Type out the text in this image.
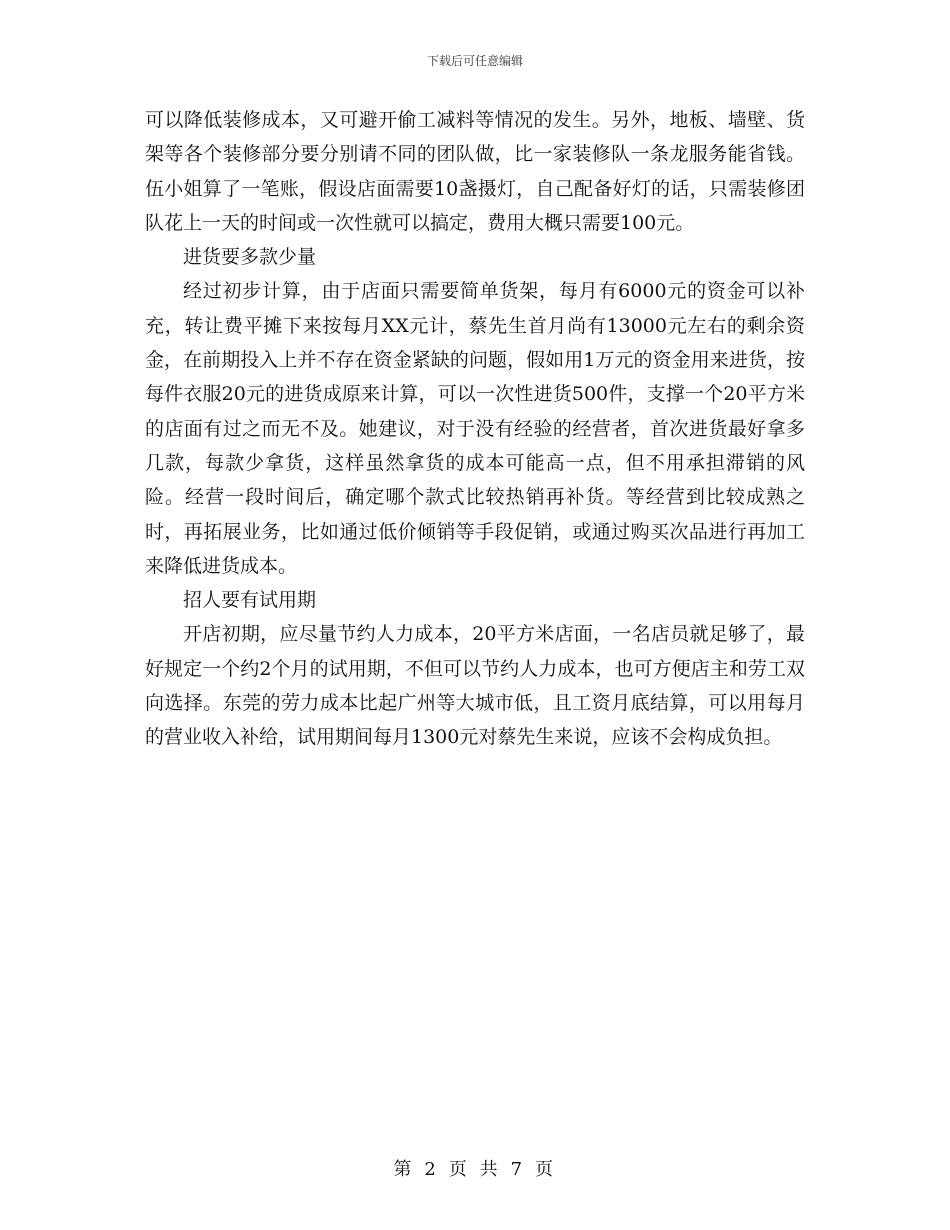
下载后可任意编辑

可以降低装修成本，又可避开偷工减料等情况的发生。另外，地板、墙壁、货架等各个装修部分要分别请不同的团队做，比一家装修队一条龙服务能省钱。伍小姐算了一笔账，假设店面需要10盏摄灯，自己配备好灯的话，只需装修团队花上一天的时间或一次性就可以搞定，费用大概只需要100元。

进货要多款少量

经过初步计算，由于店面只需要简单货架，每月有6000元的资金可以补充，转让费平摊下来按每月XX元计，蔡先生首月尚有13000元左右的剩余资金，在前期投入上并不存在资金紧缺的问题，假如用1万元的资金用来进货，按每件衣服20元的进货成原来计算，可以一次性进货500件，支撑一个20平方米的店面有过之而无不及。她建议，对于没有经验的经营者，首次进货最好拿多几款，每款少拿货，这样虽然拿货的成本可能高一点，但不用承担滞销的风险。经营一段时间后，确定哪个款式比较热销再补货。等经营到比较成熟之时，再拓展业务，比如通过低价倾销等手段促销，或通过购买次品进行再加工来降低进货成本。

招人要有试用期

开店初期，应尽量节约人力成本，20平方米店面，一名店员就足够了，最好规定一个约2个月的试用期，不但可以节约人力成本，也可方便店主和劳工双向选择。东莞的劳力成本比起广州等大城市低，且工资月底结算，可以用每月的营业收入补给，试用期间每月1300元对蔡先生来说，应该不会构成负担。

第 2 页 共 7 页
